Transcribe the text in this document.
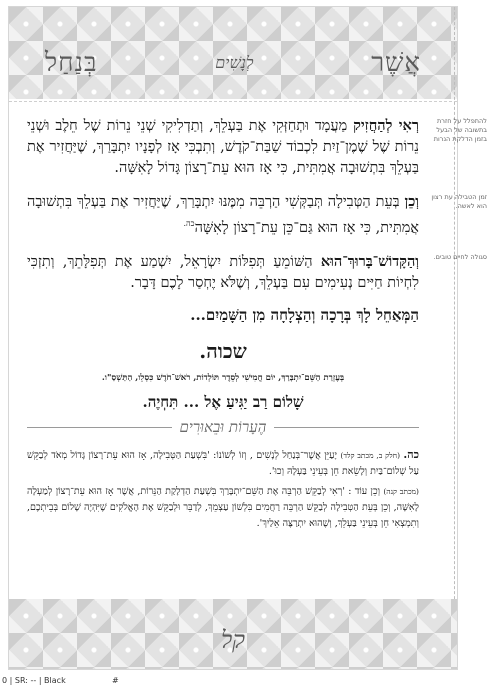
אֲשֶׁר
לְנָשִׁים
בְּנַחַל

להתפלל על חזרת בתשובה של הבעל בזמן הדלקת הנרות
רְאִי לְהַחֲזִיק מַעֲמָד וּתְחַזְּקִי אֶת בַּעְלֵךְ, וְתַדְלִיקִי שְׁנֵי נֵרוֹת שֶׁל חֵלֶב וּשְׁנֵי נֵרוֹת שֶׁל שֶׁמֶן־זַיִת לִכְבוֹד שַׁבַּת־קֹדֶשׁ, וְתִבְכִּי אָז לְפָנָיו יִתְבָּרַךְ, שֶׁיַּחֲזִיר אֶת בַּעְלֵךְ בִּתְשׁוּבָה אֲמִתִּית, כִּי אָז הוּא עֵת־רָצוֹן גָּדוֹל לָאִשָּׁה.

זמן הטבילה עת רצון הוא לאשה.
וְכֵן בְּעֵת הַטְּבִילָה תְּבַקְּשִׁי הַרְבֵּה מִמֶּנּוּ יִתְבָּרַךְ, שֶׁיַּחֲזִיר אֶת בַּעְלֵךְ בִּתְשׁוּבָה אֲמִתִּית, כִּי אָז הוּא גַּם־כֵּן עֵת־רָצוֹן לָאִשָּׁה$^{כה.}$

סגולה לחיים טובים.
וְהַקָּדוֹשׁ־בָּרוּךְ־הוּא הַשּׁוֹמֵעַ תְּפִלּוֹת יִשְׂרָאֵל, יִשְׁמַע אֶת תְּפִלָּתֵךְ, וְתִזְכִּי לִחְיוֹת חַיִּים נְעִימִים עִם בַּעְלֵךְ, וְשֶׁלֹּא יֶחְסַר לָכֶם דָּבָר.

הַמְּאַחֵל לָךְ בְּרָכָה וְהַצְלָחָה מִן הַשָּׁמַיִם...
שכוה.
בְּעֶזְרַת הַשֵּׁם־יִתְבָּרַךְ, יוֹם חֲמִישִׁי לְסֵדֶר תּוֹלְדוֹת, רֹאשׁ־חֹדֶשׁ כִּסְלֵו, הַתַּשְׁסַ"ו.
שָׁלוֹם רַב יַגִּיעַ אֶל ... תִּחְיֶה.
הֶעָרוֹת וּבֵאוּרִים

כה. (חלק ב, מכתב קלד) יָעַיֵּן אֲשֶׁר־בְּנַחַל לְנָשִׁים , וְזוֹ לְשׁוֹנוֹ: 'בִּשְׁעַת הַטְּבִילָה, אָז הוּא עֵת־רָצוֹן גָּדוֹל מְאֹד לְבַקֵּשׁ עַל שְׁלוֹם־בַּיִת וְלָשֵׂאת חֵן בְּעֵינֵי בַּעְלָהּ וְכוּ'.

(מכתב קנה) וְכֵן עוֹד : 'רְאִי לְבַקֵּשׁ הַרְבֵּה אֶת הַשֵּׁם־יִתְבָּרַךְ בִּשְׁעַת הַדְלָקַת הַנֵּרוֹת, אֲשֶׁר אָז הוּא עֵת־רָצוֹן לְמַעְלָה לָאִשָּׁה, וְכֵן בְּעֵת הַטְּבִילָה לְבַקֵּשׁ הַרְבֵּה רַחֲמִים בִּלְשׁוֹן עַצְמֵךְ, לְדַבֵּר וּלְבַקֵּשׁ אֶת הָאֱלֹקִים שֶׁיִּהְיֶה שָׁלוֹם בְּבֵיתְכֶם, וְתִמְצְאִי חֵן בְּעֵינֵי בַּעְלֵךְ, וְשֶׁהוּא יִתְרַצֶּה אֵלַיִךְ'.

קל
0 | SR: -- | Black	#
